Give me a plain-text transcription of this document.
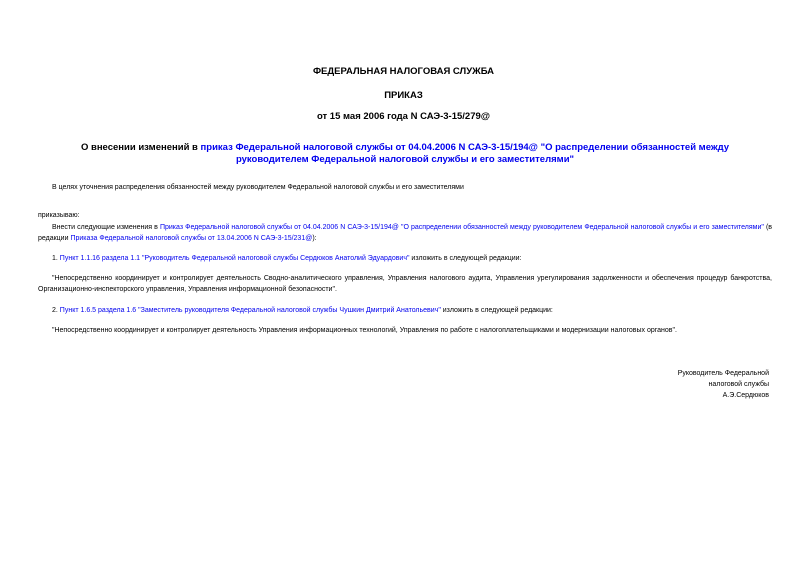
ФЕДЕРАЛЬНАЯ НАЛОГОВАЯ СЛУЖБА
ПРИКАЗ
от 15 мая 2006 года N САЭ-3-15/279@
О внесении изменений в приказ Федеральной налоговой службы от 04.04.2006 N САЭ-3-15/194@ "О распределении обязанностей между руководителем Федеральной налоговой службы и его заместителями"
В целях уточнения распределения обязанностей между руководителем Федеральной налоговой службы и его заместителями
приказываю:
Внести следующие изменения в Приказ Федеральной налоговой службы от 04.04.2006 N САЭ-3-15/194@ "О распределении обязанностей между руководителем Федеральной налоговой службы и его заместителями" (в редакции Приказа Федеральной налоговой службы от 13.04.2006 N САЭ-3-15/231@):
1. Пункт 1.1.16 раздела 1.1 "Руководитель Федеральной налоговой службы Сердюков Анатолий Эдуардович" изложить в следующей редакции:
"Непосредственно координирует и контролирует деятельность Сводно-аналитического управления, Управления налогового аудита, Управления урегулирования задолженности и обеспечения процедур банкротства, Организационно-инспекторского управления, Управления информационной безопасности".
2. Пункт 1.6.5 раздела 1.6 "Заместитель руководителя Федеральной налоговой службы Чушкин Дмитрий Анатольевич" изложить в следующей редакции:
"Непосредственно координирует и контролирует деятельность Управления информационных технологий, Управления по работе с налогоплательщиками и модернизации налоговых органов".
Руководитель Федеральной
налоговой службы
А.Э.Сердюков
